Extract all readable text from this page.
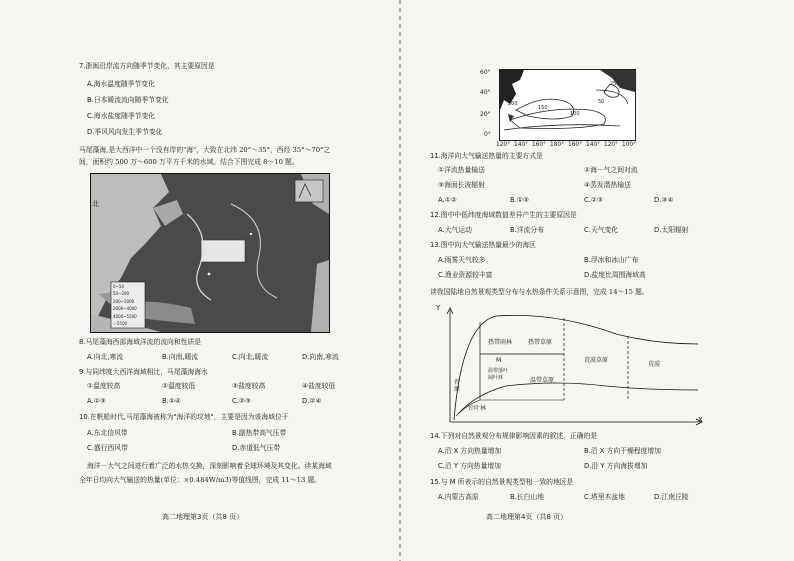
7.浙闽沿岸流方向随季节变化，其主要原因是
A.海水温度随季节变化
B.日本暖流流向随季节变化
C.海水盐度随季节变化
D.季风风向发生季节变化
马尾藻海,是大西洋中一个没有岸的"海"，大致在北纬 20°～35°，西经 35°～70°之
间，面积约 500 万～600 万平方千米的水域。结合下图完成 8～10 题。
北
0~50
50~200
200~2000
2000~4000
4000~5500
＞5500
8.马尾藻海西部海域洋流的流向和性质是
A.向北,寒流	B.向南,暖流	C.向北,暖流	D.向南,寒流
9.与同纬度大西洋海域相比，马尾藻海海水
①温度较高	②温度较低	③盐度较高	④盐度较低
A.①③	B.①④	C.②③	D.②④
10.在帆船时代,马尾藻海被称为"海洋的坟地"，主要是因为该海域位于
A.东北信风带	B.副热带高气压带
C.盛行西风带	D.赤道低气压带
海洋－大气之间进行着广泛的水热交换，深刻影响着全球环境及其变化。读某海域
全年日均向大气输送的热量(单位：×0.484W/m3)等值线图，完成 11～13 题。
高二地理第3页（共8 页）
60°
40°
20°
0°
200
150
100
50
250
120° 140° 160° 180° 160° 140° 120° 100°
11.海洋向大气输送热量的主要方式是
①洋流热量输送	②海－气之间对流
③海面长波辐射	④蒸发潜热输送
A.①②	B.①③	C.②③	D.③④
12.图中中低纬度海域数值差异产生的主要原因是
A.大气运动	B.洋流分布	C.天气变化	D.太阳辐射
13.图中向大气输送热量最少的海区
A.雨雾天气较多	B.浮冰和冰山广布
C.渔业资源较丰富	D.盐度比周围海域高
读我国陆地自然景观类型分布与水热条件关系示意图，完成 14～15 题。
Y
X
热带雨林	热带草原
荒漠草原
荒漠
温带草原
M
温带落叶阔叶林
针叶林
苔原
14.下列对自然景观分布规律影响因素的叙述，正确的是
A.沿 X 方向热量增加	B.沿 X 方向干燥程度增加
C.沿 Y 方向热量增加	D.沿 Y 方向海拔增加
15.与 M 所表示的自然景观类型相一致的地区是
A.内蒙古高原	B.长白山地	C.塔里木盆地	D.江南丘陵
高二地理第4页（共8 页）
